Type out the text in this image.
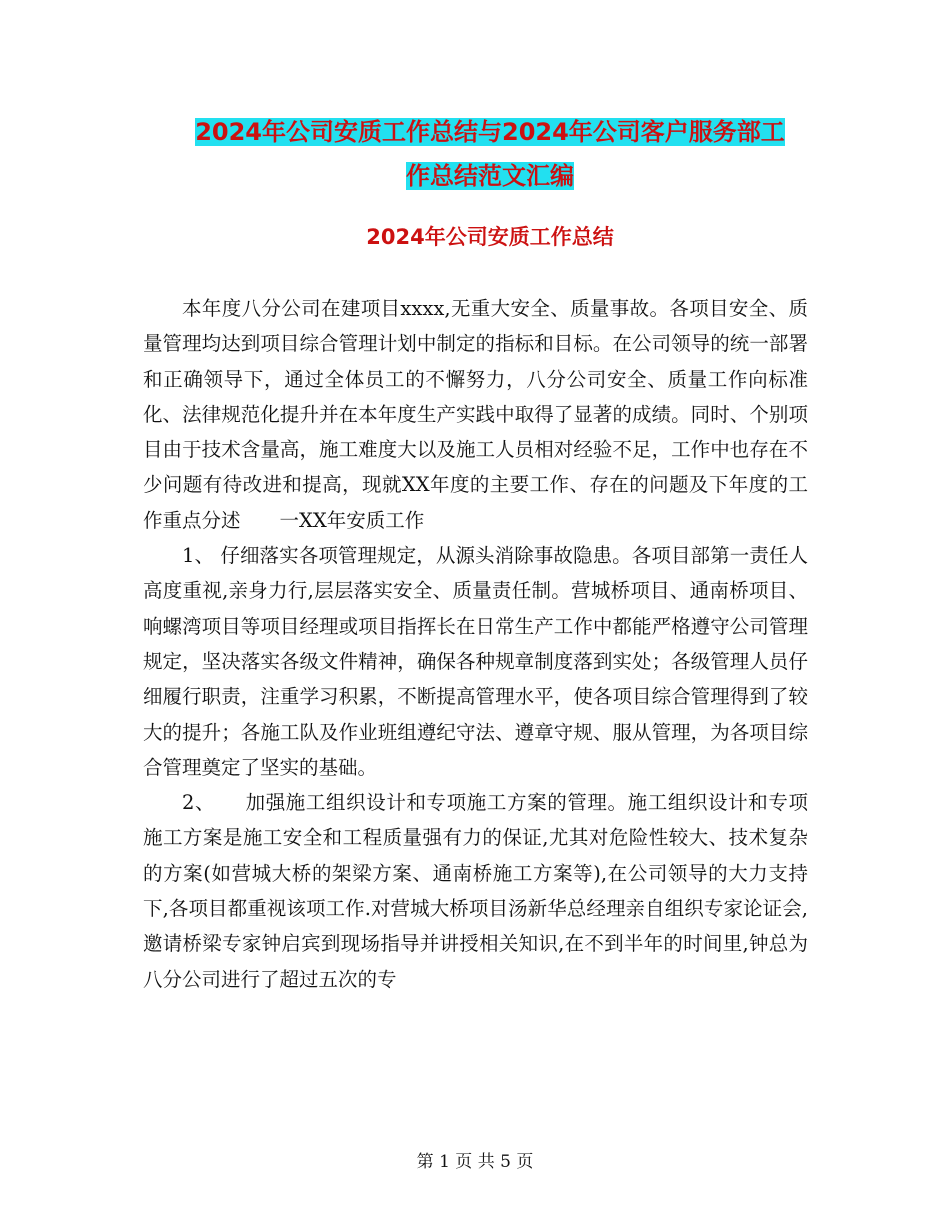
2024年公司安质工作总结与2024年公司客户服务部工
作总结范文汇编
2024年公司安质工作总结

本年度八分公司在建项目xxxx,无重大安全、质量事故。各项目安全、质量管理均达到项目综合管理计划中制定的指标和目标。在公司领导的统一部署和正确领导下，通过全体员工的不懈努力，八分公司安全、质量工作向标准化、法律规范化提升并在本年度生产实践中取得了显著的成绩。同时、个别项目由于技术含量高，施工难度大以及施工人员相对经验不足，工作中也存在不少问题有待改进和提高，现就XX年度的主要工作、存在的问题及下年度的工作重点分述　　一XX年安质工作

1、 仔细落实各项管理规定，从源头消除事故隐患。各项目部第一责任人高度重视,亲身力行,层层落实安全、质量责任制。营城桥项目、通南桥项目、响螺湾项目等项目经理或项目指挥长在日常生产工作中都能严格遵守公司管理规定，坚决落实各级文件精神，确保各种规章制度落到实处；各级管理人员仔细履行职责，注重学习积累，不断提高管理水平，使各项目综合管理得到了较大的提升；各施工队及作业班组遵纪守法、遵章守规、服从管理，为各项目综合管理奠定了坚实的基础。

2、　　加强施工组织设计和专项施工方案的管理。施工组织设计和专项施工方案是施工安全和工程质量强有力的保证,尤其对危险性较大、技术复杂的方案(如营城大桥的架梁方案、通南桥施工方案等),在公司领导的大力支持下,各项目都重视该项工作.对营城大桥项目汤新华总经理亲自组织专家论证会,邀请桥梁专家钟启宾到现场指导并讲授相关知识,在不到半年的时间里,钟总为八分公司进行了超过五次的专

第 1 页 共 5 页
